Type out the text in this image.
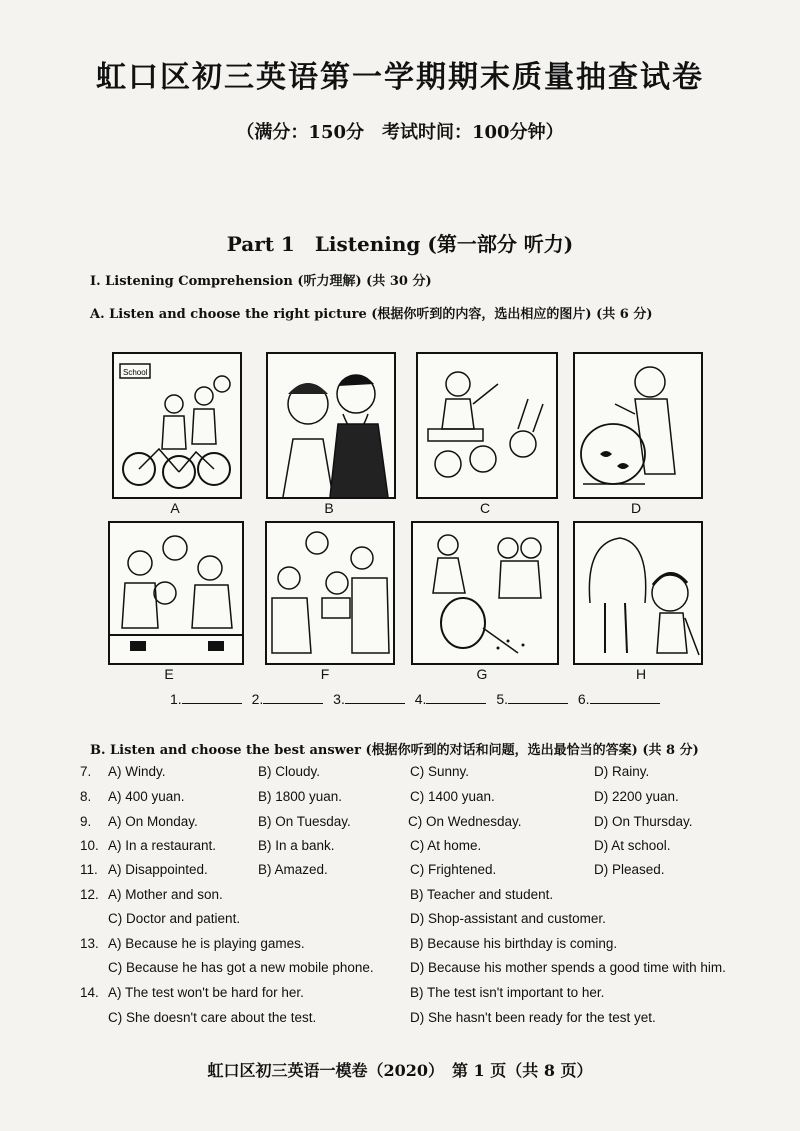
虹口区初三英语第一学期期末质量抽查试卷
（满分：150分　考试时间：100分钟）
Part 1　Listening (第一部分 听力)
I. Listening Comprehension (听力理解) (共 30 分)
A. Listen and choose the right picture (根据你听到的内容，选出相应的图片) (共 6 分)
School
A	B	C	D
E	F	G	H
1.	2.	3.	4.	5.	6.
B. Listen and choose the best answer (根据你听到的对话和问题，选出最恰当的答案) (共 8 分)
7. A) Windy.	B) Cloudy.	C) Sunny.	D) Rainy.
8. A) 400 yuan.	B) 1800 yuan.	C) 1400 yuan.	D) 2200 yuan.
9. A) On Monday.	B) On Tuesday.	C) On Wednesday.	D) On Thursday.
10. A) In a restaurant.	B) In a bank.	C) At home.	D) At school.
11. A) Disappointed.	B) Amazed.	C) Frightened.	D) Pleased.
12. A) Mother and son.	B) Teacher and student.
C) Doctor and patient.	D) Shop-assistant and customer.
13. A) Because he is playing games.	B) Because his birthday is coming.
C) Because he has got a new mobile phone.	D) Because his mother spends a good time with him.
14. A) The test won't be hard for her.	B) The test isn't important to her.
C) She doesn't care about the test.	D) She hasn't been ready for the test yet.
虹口区初三英语一模卷（2020）　第 1 页（共 8 页）
